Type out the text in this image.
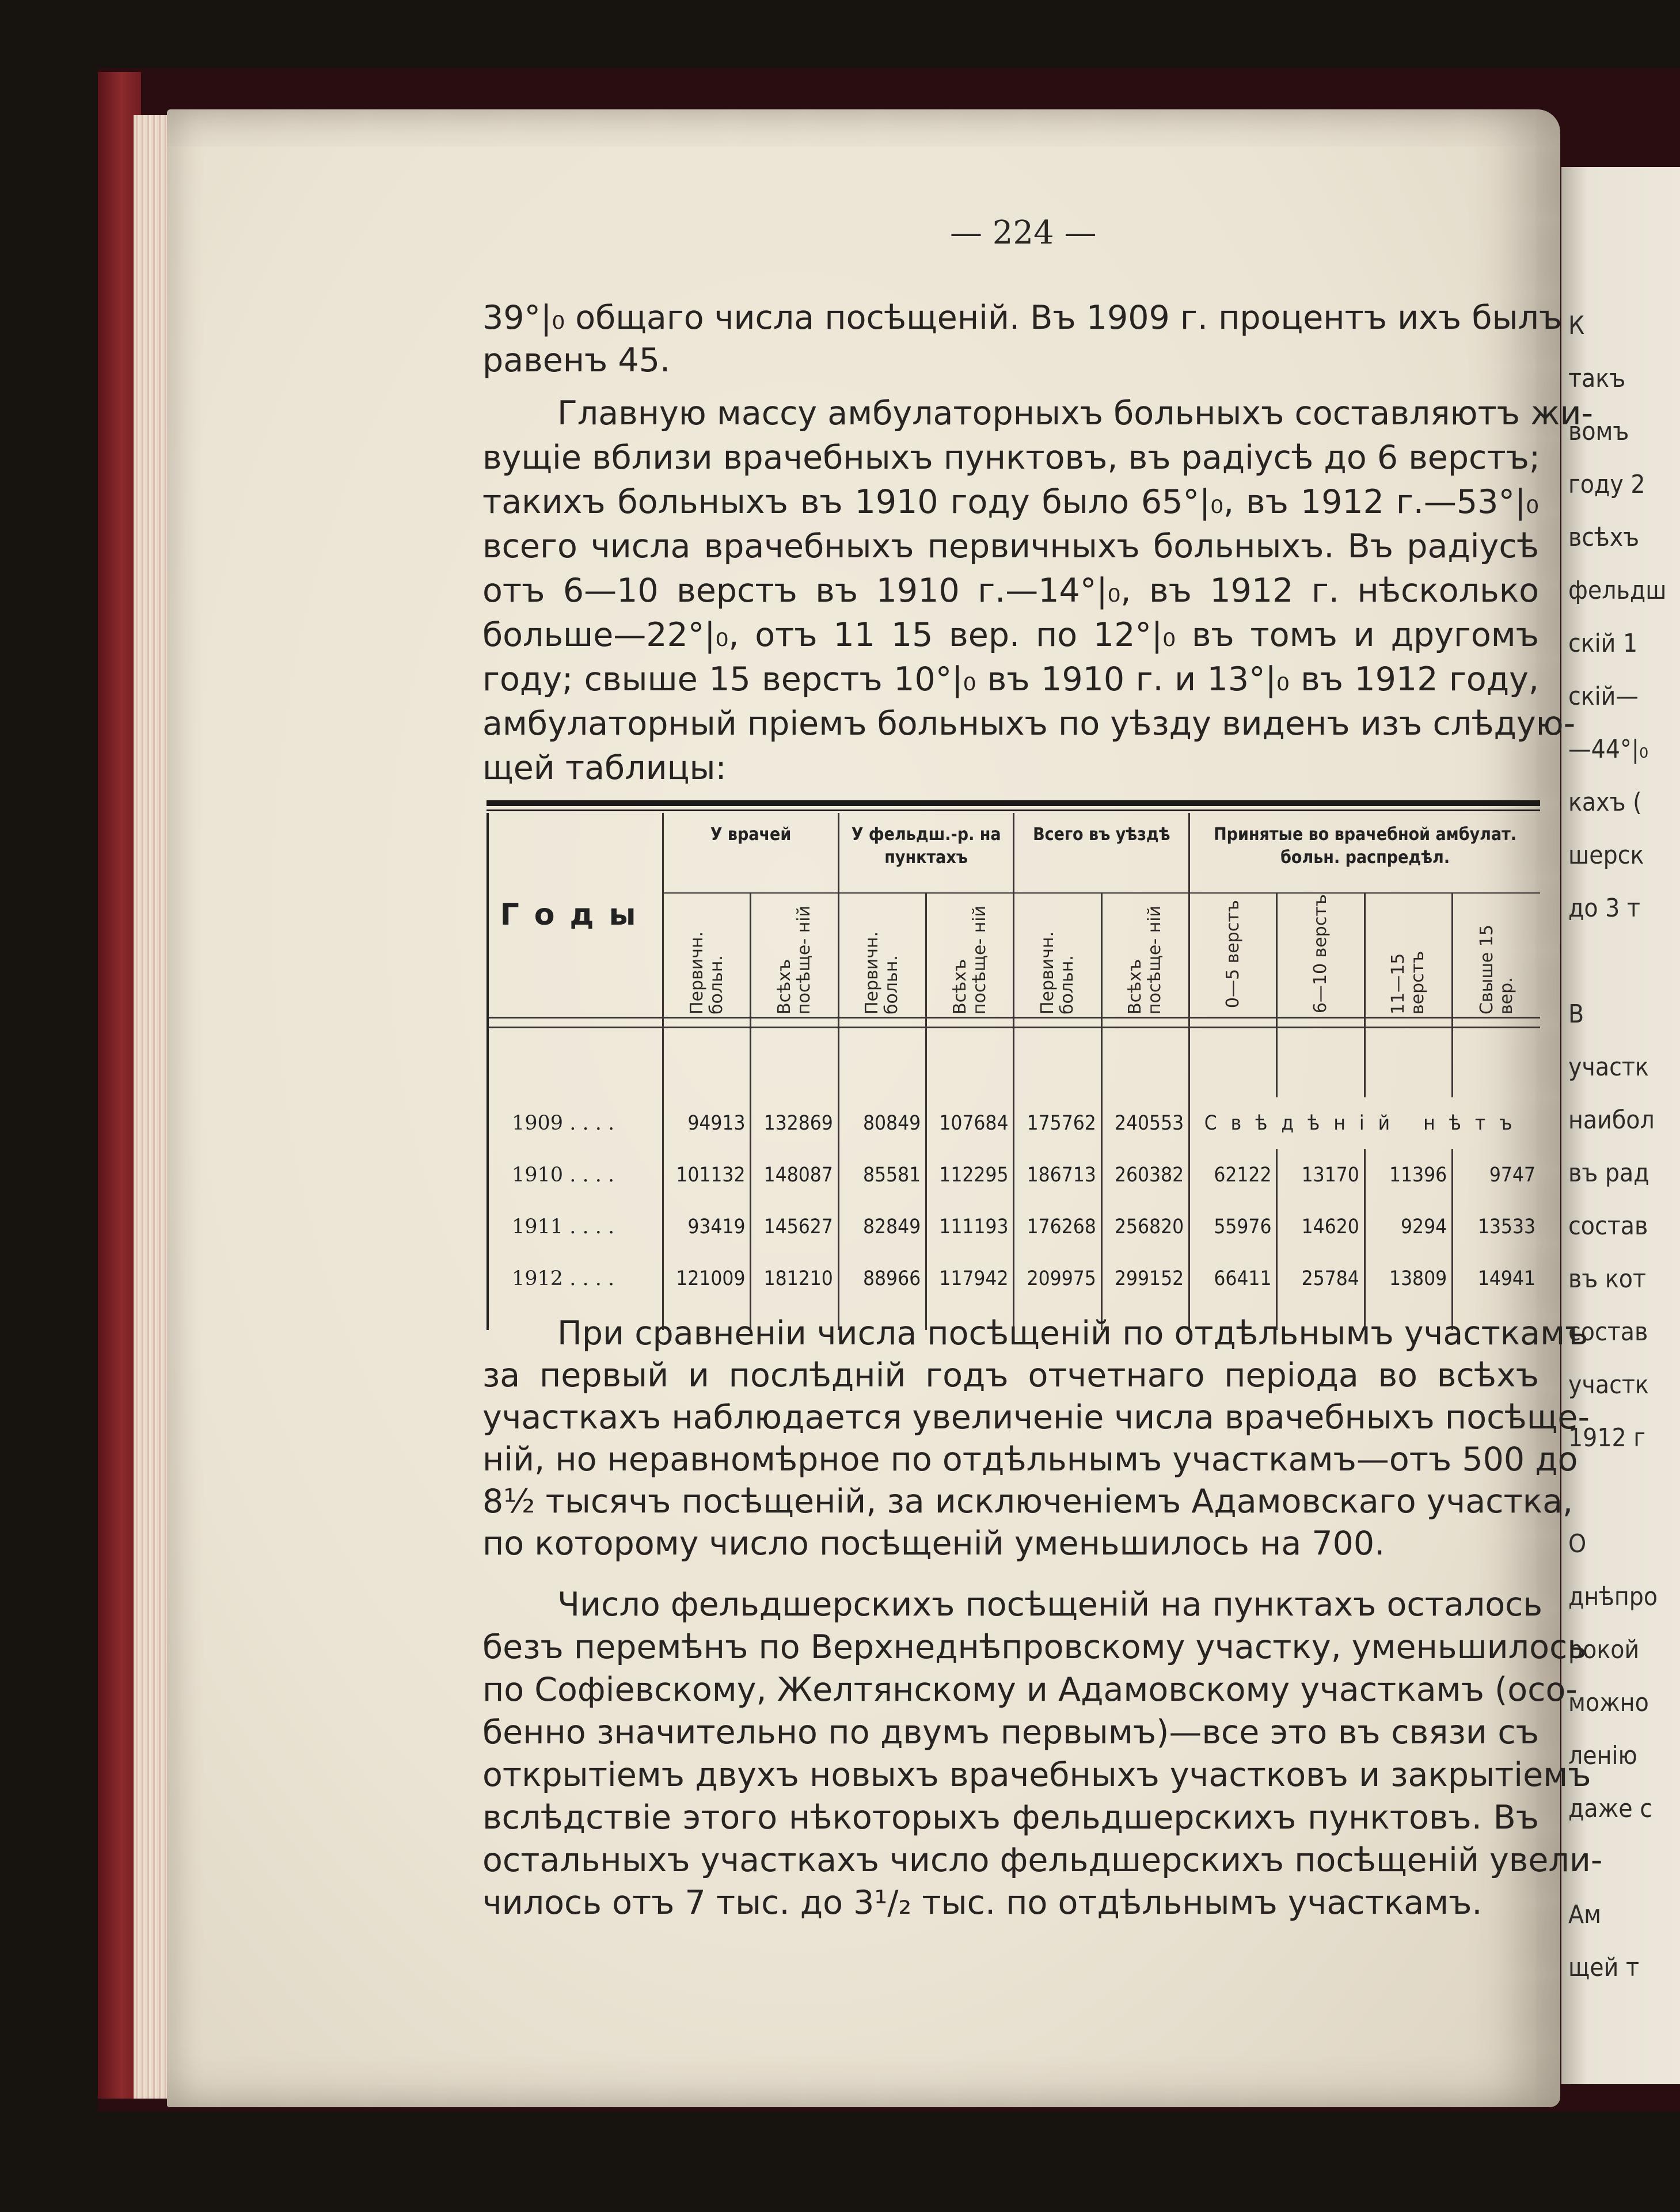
К
такъ
вомъ
году 2
всѣхъ
фельдш
скій 1
скій—
—44°|₀
кахъ (
шерск
до 3 т
В
участк
наибол
въ рад
состав
въ кот
состав
участк
1912 г
О
днѣпро
рокой
можно
ленію
даже с
Ам
щей т
— 224 —
39°|₀ общаго числа посѣщеній. Въ 1909 г. процентъ ихъ былъ
равенъ 45.
Главную массу амбулаторныхъ больныхъ составляютъ жи-
вущіе вблизи врачебныхъ пунктовъ, въ радіусѣ до 6 верстъ;
такихъ больныхъ въ 1910 году было 65°|₀, въ 1912 г.—53°|₀
всего числа врачебныхъ первичныхъ больныхъ. Въ радіусѣ
отъ 6—10 верстъ въ 1910 г.—14°|₀, въ 1912 г. нѣсколько
больше—22°|₀, отъ 11 15 вер. по 12°|₀ въ томъ и другомъ
году; свыше 15 верстъ 10°|₀ въ 1910 г. и 13°|₀ въ 1912 году,
амбулаторный пріемъ больныхъ по уѣзду виденъ изъ слѣдую-
щей таблицы:
Годы	У врачей		У фельдш.-р. на пунктахъ		Всего въ уѣздѣ		Принятые во врачебной амбулат. больн. распредѣл.			
	Первичн. больн.	Всѣхъ посѣще- ній	Первичн. больн.	Всѣхъ посѣще- ній	Первичн. больн.	Всѣхъ посѣще- ній	0—5 верстъ	6—10 верстъ	11—15 верстъ	Свыше 15 вер.

1909 . . . .	94913	132869	80849	107684	175762	240553	Свѣдѣній нѣтъ			
1910 . . . .	101132	148087	85581	112295	186713	260382	62122	13170	11396	9747
1911 . . . .	93419	145627	82849	111193	176268	256820	55976	14620	9294	13533
1912 . . . .	121009	181210	88966	117942	209975	299152	66411	25784	13809	14941

При сравненіи числа посѣщеній по отдѣльнымъ участкамъ
за первый и послѣдній годъ отчетнаго періода во всѣхъ
участкахъ наблюдается увеличеніе числа врачебныхъ посѣще-
ній, но неравномѣрное по отдѣльнымъ участкамъ—отъ 500 до
8½ тысячъ посѣщеній, за исключеніемъ Адамовскаго участка,
по которому число посѣщеній уменьшилось на 700.
Число фельдшерскихъ посѣщеній на пунктахъ осталось
безъ перемѣнъ по Верхнеднѣпровскому участку, уменьшилось
по Софіевскому, Желтянскому и Адамовскому участкамъ (осо-
бенно значительно по двумъ первымъ)—все это въ связи съ
открытіемъ двухъ новыхъ врачебныхъ участковъ и закрытіемъ
вслѣдствіе этого нѣкоторыхъ фельдшерскихъ пунктовъ. Въ
остальныхъ участкахъ число фельдшерскихъ посѣщеній увели-
чилось отъ 7 тыс. до 3¹/₂ тыс. по отдѣльнымъ участкамъ.
